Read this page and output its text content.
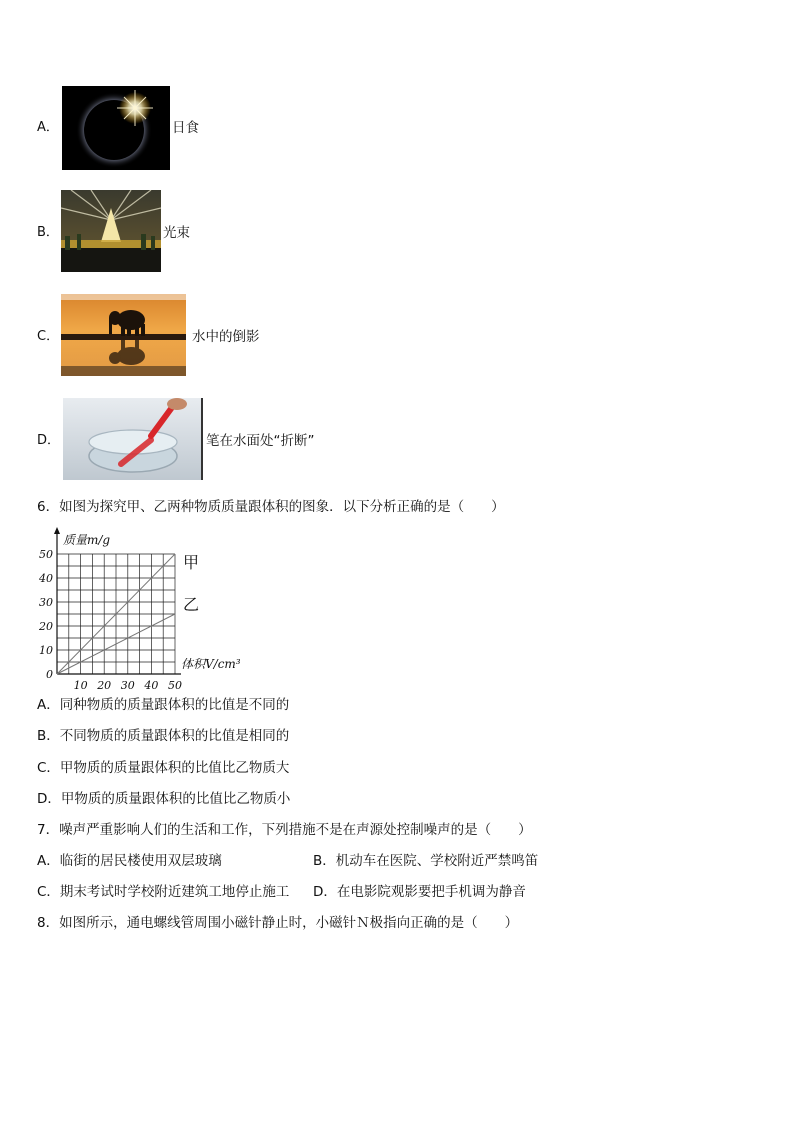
A．	日食
B．	光束
C．	水中的倒影
D．	笔在水面处“折断”
6．如图为探究甲、乙两种物质质量跟体积的图象．以下分析正确的是（　　）
质量m/g
体积V/cm³
0
10
20
30
40
50
10 20 30 40 50
甲
乙
A．同种物质的质量跟体积的比值是不同的
B．不同物质的质量跟体积的比值是相同的
C．甲物质的质量跟体积的比值比乙物质大
D．甲物质的质量跟体积的比值比乙物质小
7．噪声严重影响人们的生活和工作，下列措施不是在声源处控制噪声的是（　　）
A．临街的居民楼使用双层玻璃	B．机动车在医院、学校附近严禁鸣笛
C．期末考试时学校附近建筑工地停止施工 D．在电影院观影要把手机调为静音
8．如图所示，通电螺线管周围小磁针静止时，小磁针Ｎ极指向正确的是（　　）
